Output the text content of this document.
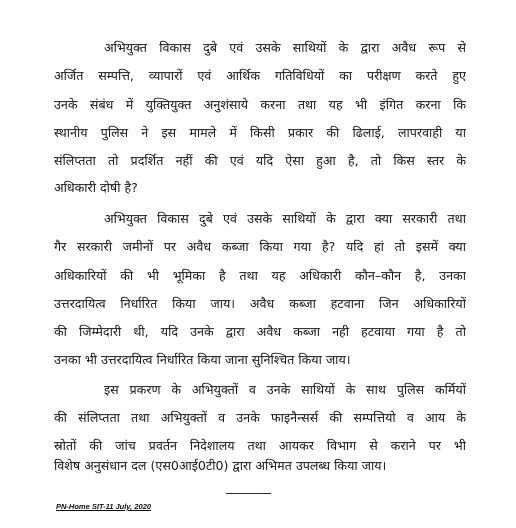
अभियुक्त विकास दुबे एवं उसके साथियों के द्वारा अवैध रूप से
अर्जित सम्पत्ति, व्यापारों एवं आर्थिक गतिविधियों का परीक्षण करते हुए
उनके संबंध में युक्तियुक्त अनुशंसाये करना तथा यह भी इंगित करना कि
स्थानीय पुलिस ने इस मामले में किसी प्रकार की ढिलाई, लापरवाही या
संलिप्तता तो प्रदर्शित नहीं की एवं यदि ऐसा हुआ है, तो किस स्तर के
अधिकारी दोषी है?
अभियुक्त विकास दुबे एवं उसके साथियों के द्वारा क्या सरकारी तथा
गैर सरकारी जमीनों पर अवैध कब्जा किया गया है? यदि हां तो इसमें क्या
अधिकारियों की भी भूमिका है तथा यह अधिकारी कौन–कौन है, उनका
उत्तरदायित्व निर्धारित किया जाय। अवैध कब्जा हटवाना जिन अधिकारियों
की जिम्मेदारी थी, यदि उनके द्वारा अवैध कब्जा नही हटवाया गया है तो
उनका भी उत्तरदायित्व निर्धारित किया जाना सुनिश्चित किया जाय।
इस प्रकरण के अभियुक्तों व उनके साथियों के साथ पुलिस कर्मियों
की संलिप्तता तथा अभियुक्तों व उनके फाइनैन्सर्स की सम्पत्तियो व आय के
स्रोतों की जांच प्रवर्तन निदेशालय तथा आयकर विभाग से कराने पर भी
विशेष अनुसंधान दल (एस0आई0टी0) द्वारा अभिमत उपलब्ध किया जाय।
________
PN-Home SIT-11 July, 2020
